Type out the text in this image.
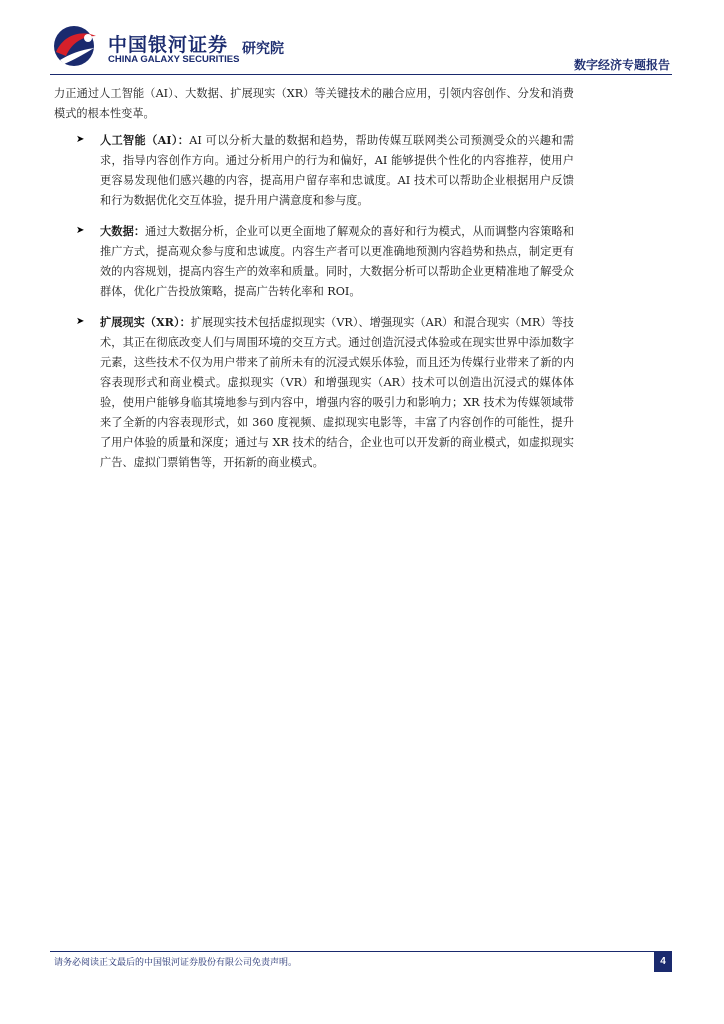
中国银河证券
CHINA GALAXY SECURITIES
研究院
数字经济专题报告

力正通过人工智能（AI）、大数据、扩展现实（XR）等关键技术的融合应用，引领内容创作、分发和消费模式的根本性变革。

➤ 人工智能（AI）：AI 可以分析大量的数据和趋势，帮助传媒互联网类公司预测受众的兴趣和需求，指导内容创作方向。通过分析用户的行为和偏好，AI 能够提供个性化的内容推荐，使用户更容易发现他们感兴趣的内容，提高用户留存率和忠诚度。AI 技术可以帮助企业根据用户反馈和行为数据优化交互体验，提升用户满意度和参与度。
➤ 大数据：通过大数据分析，企业可以更全面地了解观众的喜好和行为模式，从而调整内容策略和推广方式，提高观众参与度和忠诚度。内容生产者可以更准确地预测内容趋势和热点，制定更有效的内容规划，提高内容生产的效率和质量。同时，大数据分析可以帮助企业更精准地了解受众群体，优化广告投放策略，提高广告转化率和 ROI。
➤ 扩展现实（XR）：扩展现实技术包括虚拟现实（VR）、增强现实（AR）和混合现实（MR）等技术，其正在彻底改变人们与周围环境的交互方式。通过创造沉浸式体验或在现实世界中添加数字元素，这些技术不仅为用户带来了前所未有的沉浸式娱乐体验，而且还为传媒行业带来了新的内容表现形式和商业模式。虚拟现实（VR）和增强现实（AR）技术可以创造出沉浸式的媒体体验，使用户能够身临其境地参与到内容中，增强内容的吸引力和影响力；XR 技术为传媒领域带来了全新的内容表现形式，如 360 度视频、虚拟现实电影等，丰富了内容创作的可能性，提升了用户体验的质量和深度；通过与 XR 技术的结合，企业也可以开发新的商业模式，如虚拟现实广告、虚拟门票销售等，开拓新的商业模式。
请务必阅读正文最后的中国银河证券股份有限公司免责声明。	4
